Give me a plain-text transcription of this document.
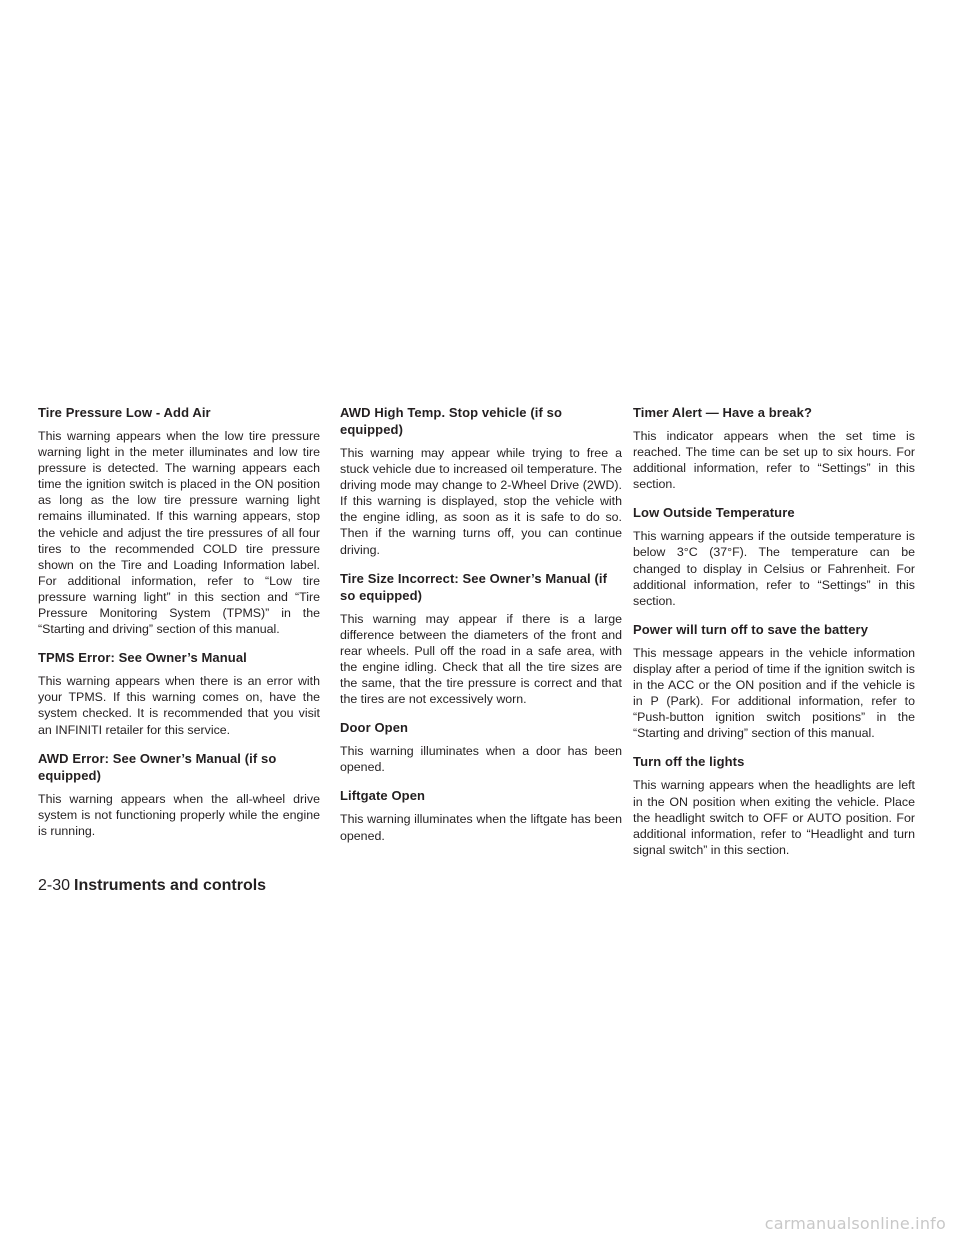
Tire Pressure Low - Add Air

This warning appears when the low tire pressure warning light in the meter illuminates and low tire pressure is detected. The warning appears each time the ignition switch is placed in the ON position as long as the low tire pressure warning light remains illuminated. If this warning appears, stop the vehicle and adjust the tire pressures of all four tires to the recommended COLD tire pressure shown on the Tire and Loading Information label. For additional information, refer to “Low tire pressure warning light” in this section and “Tire Pressure Monitoring System (TPMS)” in the “Starting and driving” section of this manual.

TPMS Error: See Owner’s Manual

This warning appears when there is an error with your TPMS. If this warning comes on, have the system checked. It is recommended that you visit an INFINITI retailer for this service.

AWD Error: See Owner’s Manual (if so equipped)

This warning appears when the all-wheel drive system is not functioning properly while the engine is running.

AWD High Temp. Stop vehicle (if so equipped)

This warning may appear while trying to free a stuck vehicle due to increased oil temperature. The driving mode may change to 2-Wheel Drive (2WD). If this warning is displayed, stop the vehicle with the engine idling, as soon as it is safe to do so. Then if the warning turns off, you can continue driving.

Tire Size Incorrect: See Owner’s Manual (if so equipped)

This warning may appear if there is a large difference between the diameters of the front and rear wheels. Pull off the road in a safe area, with the engine idling. Check that all the tire sizes are the same, that the tire pressure is correct and that the tires are not excessively worn.

Door Open

This warning illuminates when a door has been opened.

Liftgate Open

This warning illuminates when the liftgate has been opened.

Timer Alert — Have a break?

This indicator appears when the set time is reached. The time can be set up to six hours. For additional information, refer to “Settings” in this section.

Low Outside Temperature

This warning appears if the outside temperature is below 3°C (37°F). The temperature can be changed to display in Celsius or Fahrenheit. For additional information, refer to “Settings” in this section.

Power will turn off to save the battery

This message appears in the vehicle information display after a period of time if the ignition switch is in the ACC or the ON position and if the vehicle is in P (Park). For additional information, refer to “Push-button ignition switch positions” in the “Starting and driving” section of this manual.

Turn off the lights

This warning appears when the headlights are left in the ON position when exiting the vehicle. Place the headlight switch to OFF or AUTO position. For additional information, refer to “Headlight and turn signal switch” in this section.

2-30 Instruments and controls
carmanualsonline.info
